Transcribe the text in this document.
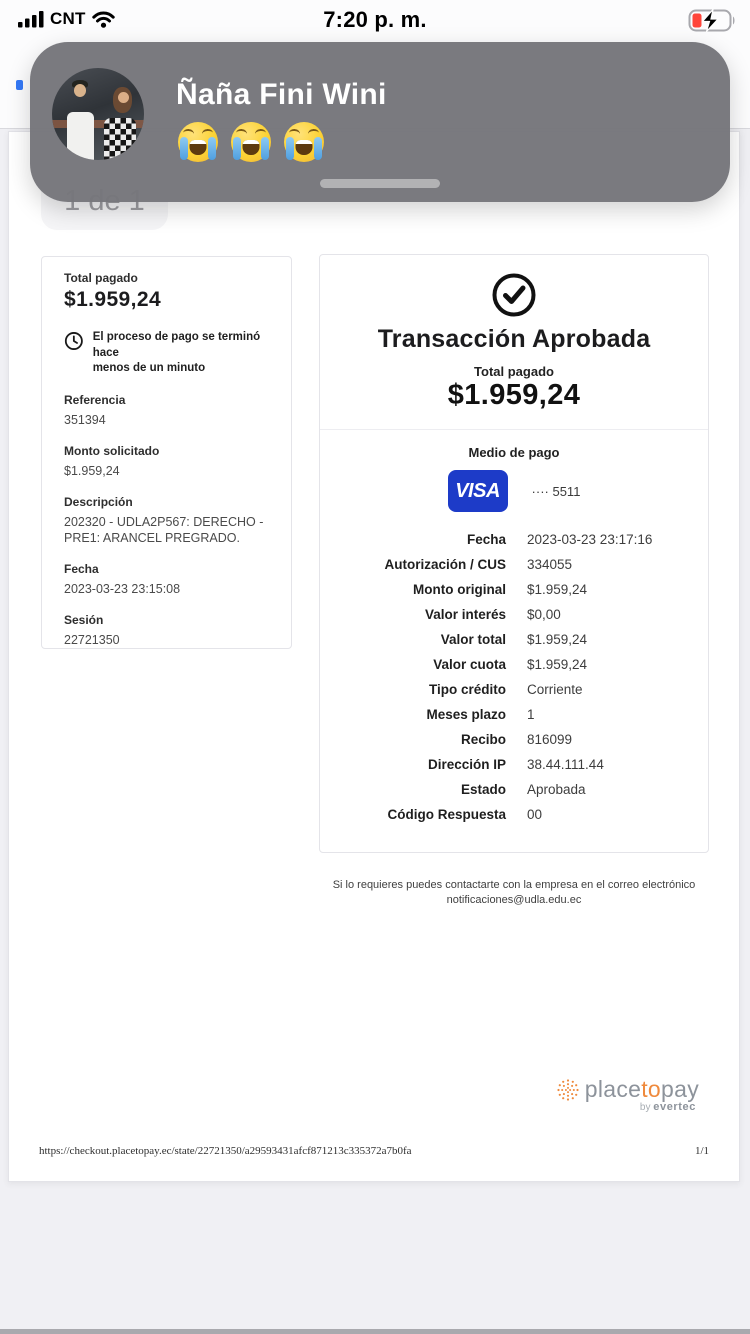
CNT	7:20 p. m.
Total pagado
$1.959,24
El proceso de pago se terminó hace
menos de un minuto
Referencia
351394
Monto solicitado
$1.959,24
Descripción
202320 - UDLA2P567: DERECHO - PRE1: ARANCEL PREGRADO.
Fecha
2023-03-23 23:15:08
Sesión
22721350
Transacción Aprobada
Total pagado
$1.959,24
Medio de pago
VISA	···· 5511
Fecha 2023-03-23 23:17:16
Autorización / CUS 334055
Monto original $1.959,24
Valor interés $0,00
Valor total $1.959,24
Valor cuota $1.959,24
Tipo crédito Corriente
Meses plazo 1
Recibo 816099
Dirección IP 38.44.111.44
Estado Aprobada
Código Respuesta 00
Si lo requieres puedes contactarte con la empresa en el correo electrónico
notificaciones@udla.edu.ec
placetopay
by evertec
https://checkout.placetopay.ec/state/22721350/a29593431afcf871213c335372a7b0fa	1/1
Ñaña Fini Wini
